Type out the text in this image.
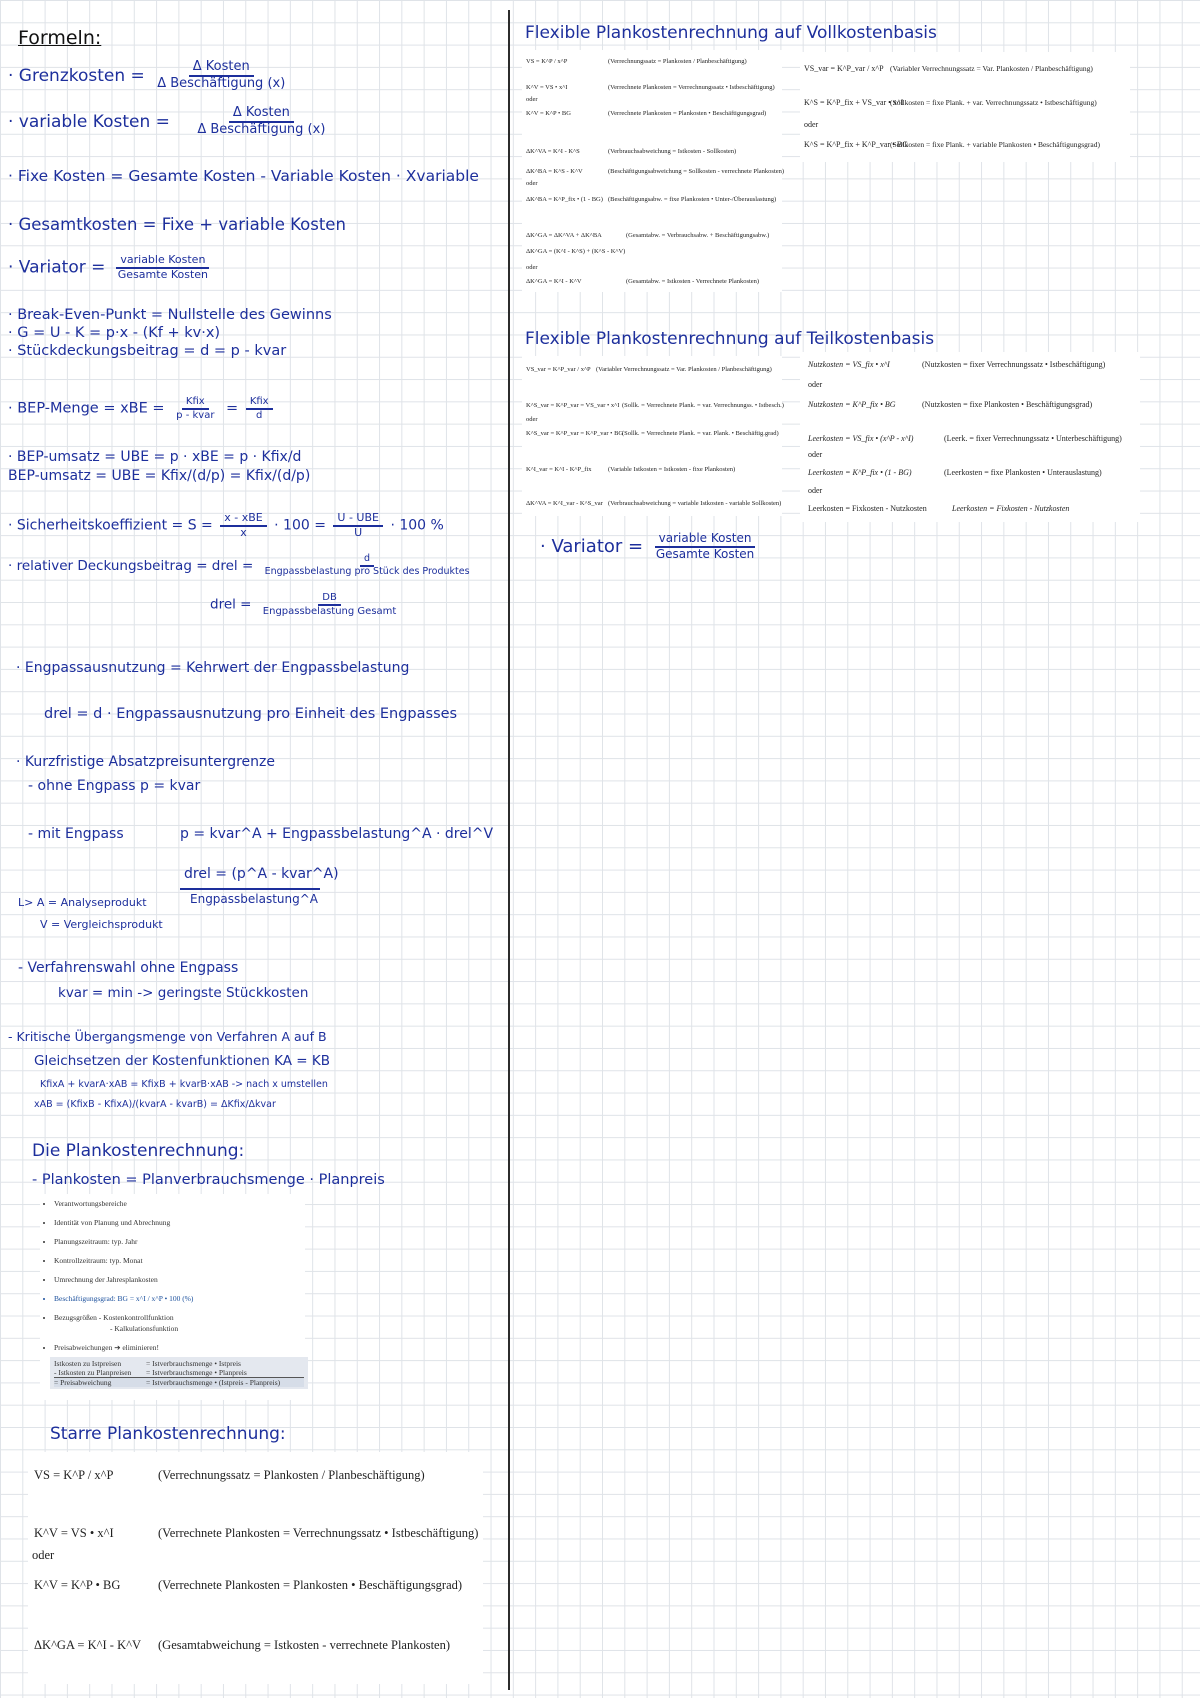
Formeln:
· Grenzkosten = $\frac{\text{Δ Kosten}}{\text{Δ Beschäftigung (x)}}$
· variable Kosten = $\frac{\text{Δ Kosten}}{\text{Δ Beschäftigung (x)}}$
· Fixe Kosten = Gesamte Kosten - Variable Kosten · Xvariable
· Gesamtkosten = Fixe + variable Kosten
· Variator = $\frac{\text{variable Kosten}}{\text{Gesamte Kosten}}$
· Break-Even-Punkt = Nullstelle des Gewinns
· G = U - K = p·x - (Kf + kv·x)
· Stückdeckungsbeitrag = d = p - kvar
· BEP-Menge = xBE = $\frac{\text{Kfix}}{\text{p - kvar}} = \frac{\text{Kfix}}{d}$
· BEP-umsatz = UBE = p · xBE = p · Kfix/d
BEP-umsatz = UBE = Kfix/(d/p) = Kfix/(d/p)
· Sicherheitskoeffizient = $S = \frac{\text{x - xBE}}{x} \cdot 100 = \frac{\text{U - UBE}}{U} \cdot 100$ %
· relativer Deckungsbeitrag = drel = $\frac{d}{\text{Engpassbelastung pro Stück des Produktes}}$
drel = $\frac{DB}{\text{Engpassbelastung Gesamt}}$
· Engpassausnutzung = Kehrwert der Engpassbelastung
drel = d · Engpassausnutzung pro Einheit des Engpasses
· Kurzfristige Absatzpreisuntergrenze
- ohne Engpass p = kvar
- mit Engpass	p = kvar^A + Engpassbelastung^A · drel^V
drel = (p^A - kvar^A)
Engpassbelastung^A
L> A = Analyseprodukt
V = Vergleichsprodukt
- Verfahrenswahl ohne Engpass
kvar = min -> geringste Stückkosten
- Kritische Übergangsmenge von Verfahren A auf B
Gleichsetzen der Kostenfunktionen KA = KB
KfixA + kvarA·xAB = KfixB + kvarB·xAB -> nach x umstellen
xAB = (KfixB - KfixA)/(kvarA - kvarB) = ΔKfix/Δkvar
Die Plankostenrechnung:
- Plankosten = Planverbrauchsmenge · Planpreis
• Verantwortungsbereiche
• Identität von Planung und Abrechnung
• Planungszeitraum: typ. Jahr
• Kontrollzeitraum: typ. Monat
• Umrechnung der Jahresplankosten
• Beschäftigungsgrad: BG = x^I / x^P • 100 (%)
• Bezugsgrößen - Kostenkontrollfunktion
- Kalkulationsfunktion
• Preisabweichungen ➔ eliminieren!
Istkosten zu Istpreisen	= Istverbrauchsmenge • Istpreis
- Istkosten zu Planpreisen	= Istverbrauchsmenge • Planpreis
= Preisabweichung	= Istverbrauchsmenge • (Istpreis - Planpreis)
Starre Plankostenrechnung:
VS = K^P / x^P	(Verrechnungssatz = Plankosten / Planbeschäftigung)
K^V = VS • x^I	(Verrechnete Plankosten = Verrechnungssatz • Istbeschäftigung)
oder
K^V = K^P • BG	(Verrechnete Plankosten = Plankosten • Beschäftigungsgrad)
ΔK^GA = K^I - K^V (Gesamtabweichung = Istkosten - verrechnete Plankosten)
Flexible Plankostenrechnung auf Vollkostenbasis
VS = K^P / x^P	(Verrechnungssatz = Plankosten / Planbeschäftigung)
K^V = VS • x^I	(Verrechnete Plankosten = Verrechnungssatz • Istbeschäftigung)
oder
K^V = K^P • BG	(Verrechnete Plankosten = Plankosten • Beschäftigungsgrad)
ΔK^VA = K^I - K^S	(Verbrauchsabweichung = Istkosten - Sollkosten)
ΔK^BA = K^S - K^V	(Beschäftigungsabweichung = Sollkosten - verrechnete Plankosten)
oder
ΔK^BA = K^P_fix • (1 - BG) (Beschäftigungsabw. = fixe Plankosten • Unter-/Überauslastung)
ΔK^GA = ΔK^VA + ΔK^BA	(Gesamtabw. = Verbrauchsabw. + Beschäftigungsabw.)
ΔK^GA = (K^I - K^S) + (K^S - K^V)
oder
ΔK^GA = K^I - K^V	(Gesamtabw. = Istkosten - Verrechnete Plankosten)
VS_var = K^P_var / x^P (Variabler Verrechnungssatz = Var. Plankosten / Planbeschäftigung)
K^S = K^P_fix + VS_var • x^I
(Sollkosten = fixe Plank. + var. Verrechnungssatz • Istbeschäftigung)
oder
K^S = K^P_fix + K^P_var • BG
(Sollkosten = fixe Plank. + variable Plankosten • Beschäftigungsgrad)
Flexible Plankostenrechnung auf Teilkostenbasis
VS_var = K^P_var / x^P (Variabler Verrechnungssatz = Var. Plankosten / Planbeschäftigung)
K^S_var = K^P_var = VS_var • x^I (Sollk. = Verrechnete Plank. = var. Verrechnungss. • Istbesch.)
oder
K^S_var = K^P_var = K^P_var • BG
(Sollk. = Verrechnete Plank. = var. Plank. • Beschäftig.grad)
K^I_var = K^I - K^P_fix	(Variable Istkosten = Istkosten - fixe Plankosten)
ΔK^VA = K^I_var - K^S_var (Verbrauchsabweichung = variable Istkosten - variable Sollkosten)
Nutzkosten = VS_fix • x^I	(Nutzkosten = fixer Verrechnungssatz • Istbeschäftigung)
oder
Nutzkosten = K^P_fix • BG	(Nutzkosten = fixe Plankosten • Beschäftigungsgrad)
Leerkosten = VS_fix • (x^P - x^I)	(Leerk. = fixer Verrechnungssatz • Unterbeschäftigung)
oder
Leerkosten = K^P_fix • (1 - BG)	(Leerkosten = fixe Plankosten • Unterauslastung)
oder
Leerkosten = Fixkosten - Nutzkosten	Leerkosten = Fixkosten - Nutzkosten
· Variator = $\frac{\text{variable Kosten}}{\text{Gesamte Kosten}}$
